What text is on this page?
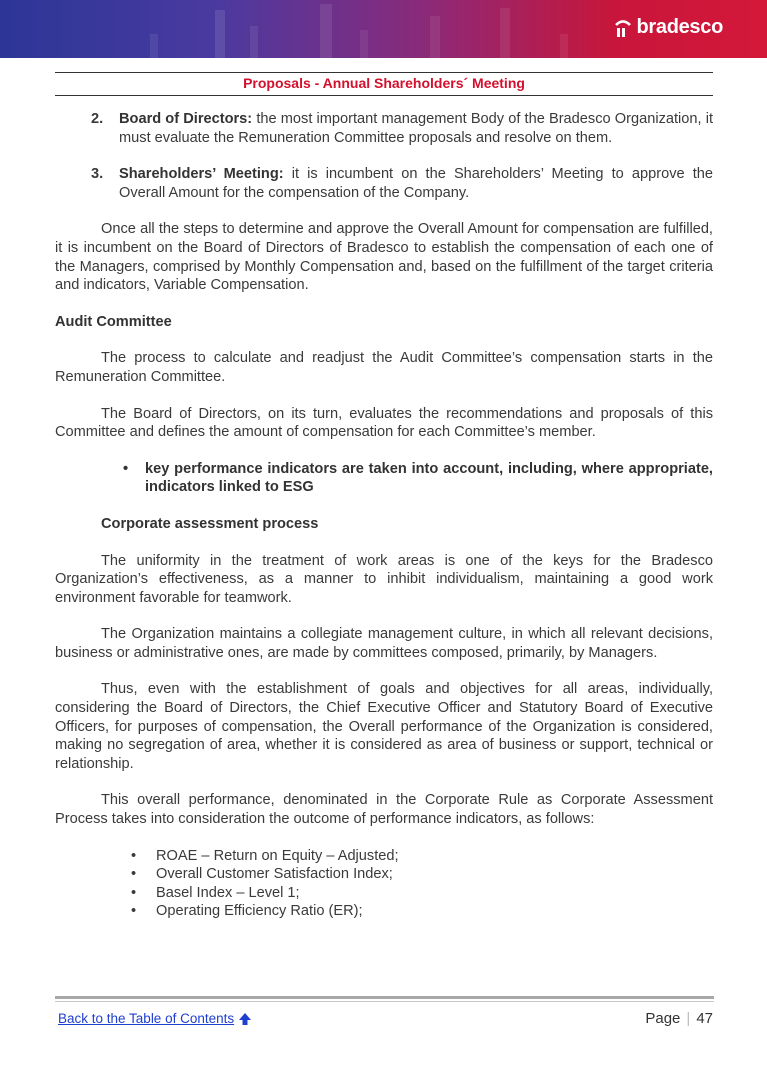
bradesco
Proposals - Annual Shareholders´ Meeting
2.	Board of Directors: the most important management Body of the Bradesco Organization, it must evaluate the Remuneration Committee proposals and resolve on them.
3.	Shareholders’ Meeting: it is incumbent on the Shareholders’ Meeting to approve the Overall Amount for the compensation of the Company.

Once all the steps to determine and approve the Overall Amount for compensation are fulfilled, it is incumbent on the Board of Directors of Bradesco to establish the compensation of each one of the Managers, comprised by Monthly Compensation and, based on the fulfillment of the target criteria and indicators, Variable Compensation.

Audit Committee

The process to calculate and readjust the Audit Committee’s compensation starts in the Remuneration Committee.

The Board of Directors, on its turn, evaluates the recommendations and proposals of this Committee and defines the amount of compensation for each Committee’s member.

•	key performance indicators are taken into account, including, where appropriate, indicators linked to ESG
Corporate assessment process

The uniformity in the treatment of work areas is one of the keys for the Bradesco Organization’s effectiveness, as a manner to inhibit individualism, maintaining a good work environment favorable for teamwork.

The Organization maintains a collegiate management culture, in which all relevant decisions, business or administrative ones, are made by committees composed, primarily, by Managers.

Thus, even with the establishment of goals and objectives for all areas, individually, considering the Board of Directors, the Chief Executive Officer and Statutory Board of Executive Officers, for purposes of compensation, the Overall performance of the Organization is considered, making no segregation of area, whether it is considered as area of business or support, technical or relationship.

This overall performance, denominated in the Corporate Rule as Corporate Assessment Process takes into consideration the outcome of performance indicators, as follows:

•	ROAE – Return on Equity – Adjusted;
•	Overall Customer Satisfaction Index;
•	Basel Index – Level 1;
•	Operating Efficiency Ratio (ER);
Back to the Table of Contents	Page | 47
